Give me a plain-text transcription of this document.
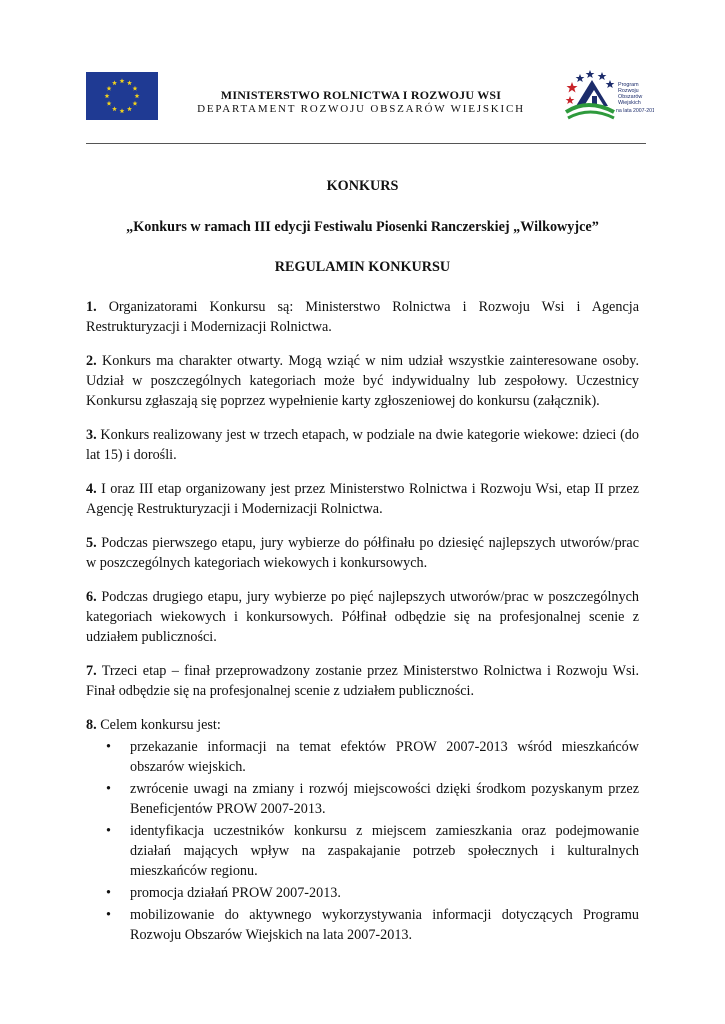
MINISTERSTWO ROLNICTWA I ROZWOJU WSI
DEPARTAMENT ROZWOJU OBSZARÓW WIEJSKICH
Program
Rozwoju
Obszarów
Wiejskich
na lata 2007-2013
KONKURS
„Konkurs w ramach III edycji Festiwalu Piosenki Ranczerskiej „Wilkowyjce”
REGULAMIN KONKURSU

1. Organizatorami Konkursu są: Ministerstwo Rolnictwa i Rozwoju Wsi i Agencja Restrukturyzacji i Modernizacji Rolnictwa.

2. Konkurs ma charakter otwarty. Mogą wziąć w nim udział wszystkie zainteresowane osoby. Udział w poszczególnych kategoriach może być indywidualny lub zespołowy. Uczestnicy Konkursu zgłaszają się poprzez wypełnienie karty zgłoszeniowej do konkursu (załącznik).

3. Konkurs realizowany jest w trzech etapach, w podziale na dwie kategorie wiekowe: dzieci (do lat 15) i dorośli.

4. I oraz III etap organizowany jest przez Ministerstwo Rolnictwa i Rozwoju Wsi, etap II przez Agencję Restrukturyzacji i Modernizacji Rolnictwa.

5. Podczas pierwszego etapu, jury wybierze do półfinału po dziesięć najlepszych utworów/prac w poszczególnych kategoriach wiekowych i konkursowych.

6. Podczas drugiego etapu, jury wybierze po pięć najlepszych utworów/prac w poszczególnych kategoriach wiekowych i konkursowych. Półfinał odbędzie się na profesjonalnej scenie z udziałem publiczności.

7. Trzeci etap – finał przeprowadzony zostanie przez Ministerstwo Rolnictwa i Rozwoju Wsi. Finał odbędzie się na profesjonalnej scenie z udziałem publiczności.

8. Celem konkursu jest:

• przekazanie informacji na temat efektów PROW 2007-2013 wśród mieszkańców obszarów wiejskich.
• zwrócenie uwagi na zmiany i rozwój miejscowości dzięki środkom pozyskanym przez Beneficjentów PROW 2007-2013.
• identyfikacja uczestników konkursu z miejscem zamieszkania oraz podejmowanie działań mających wpływ na zaspakajanie potrzeb społecznych i kulturalnych mieszkańców regionu.
• promocja działań PROW 2007-2013.
• mobilizowanie do aktywnego wykorzystywania informacji dotyczących Programu Rozwoju Obszarów Wiejskich na lata 2007-2013.
